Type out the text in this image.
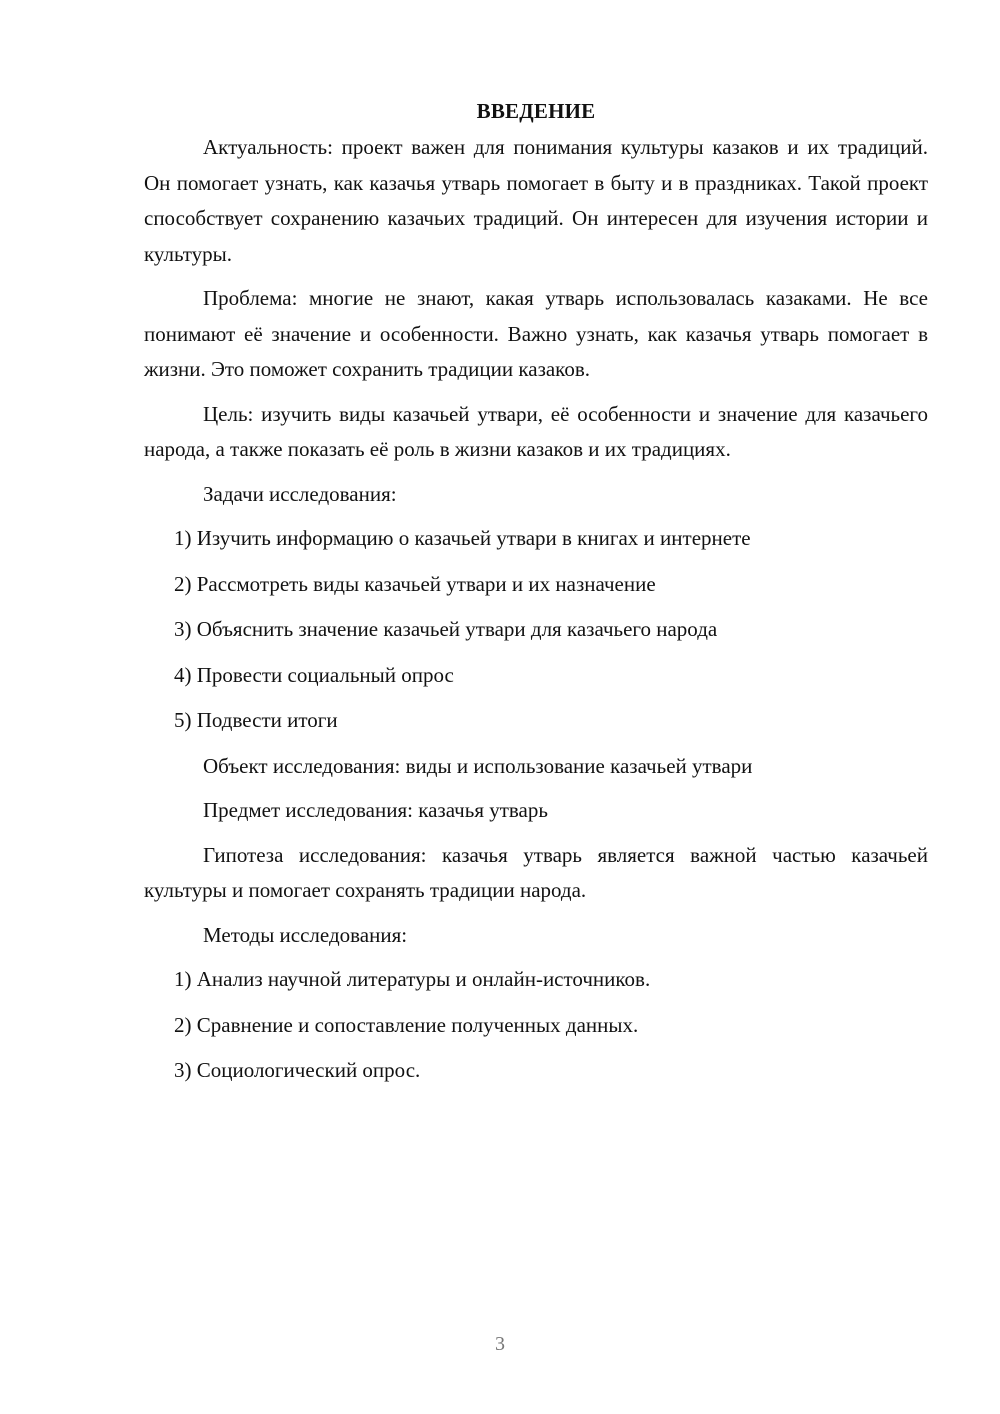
ВВЕДЕНИЕ

Актуальность: проект важен для понимания культуры казаков и их традиций. Он помогает узнать, как казачья утварь помогает в быту и в праздниках. Такой проект способствует сохранению казачьих традиций. Он интересен для изучения истории и культуры.

Проблема: многие не знают, какая утварь использовалась казаками. Не все понимают её значение и особенности. Важно узнать, как казачья утварь помогает в жизни. Это поможет сохранить традиции казаков.

Цель: изучить виды казачьей утвари, её особенности и значение для казачьего народа, а также показать её роль в жизни казаков и их традициях.

Задачи исследования:

1) Изучить информацию о казачьей утвари в книгах и интернете
2) Рассмотреть виды казачьей утвари и их назначение
3) Объяснить значение казачьей утвари для казачьего народа
4) Провести социальный опрос
5) Подвести итоги

Объект исследования: виды и использование казачьей утвари

Предмет исследования: казачья утварь

Гипотеза исследования: казачья утварь является важной частью казачьей культуры и помогает сохранять традиции народа.

Методы исследования:

1) Анализ научной литературы и онлайн-источников.
2) Сравнение и сопоставление полученных данных.
3) Социологический опрос.
3
